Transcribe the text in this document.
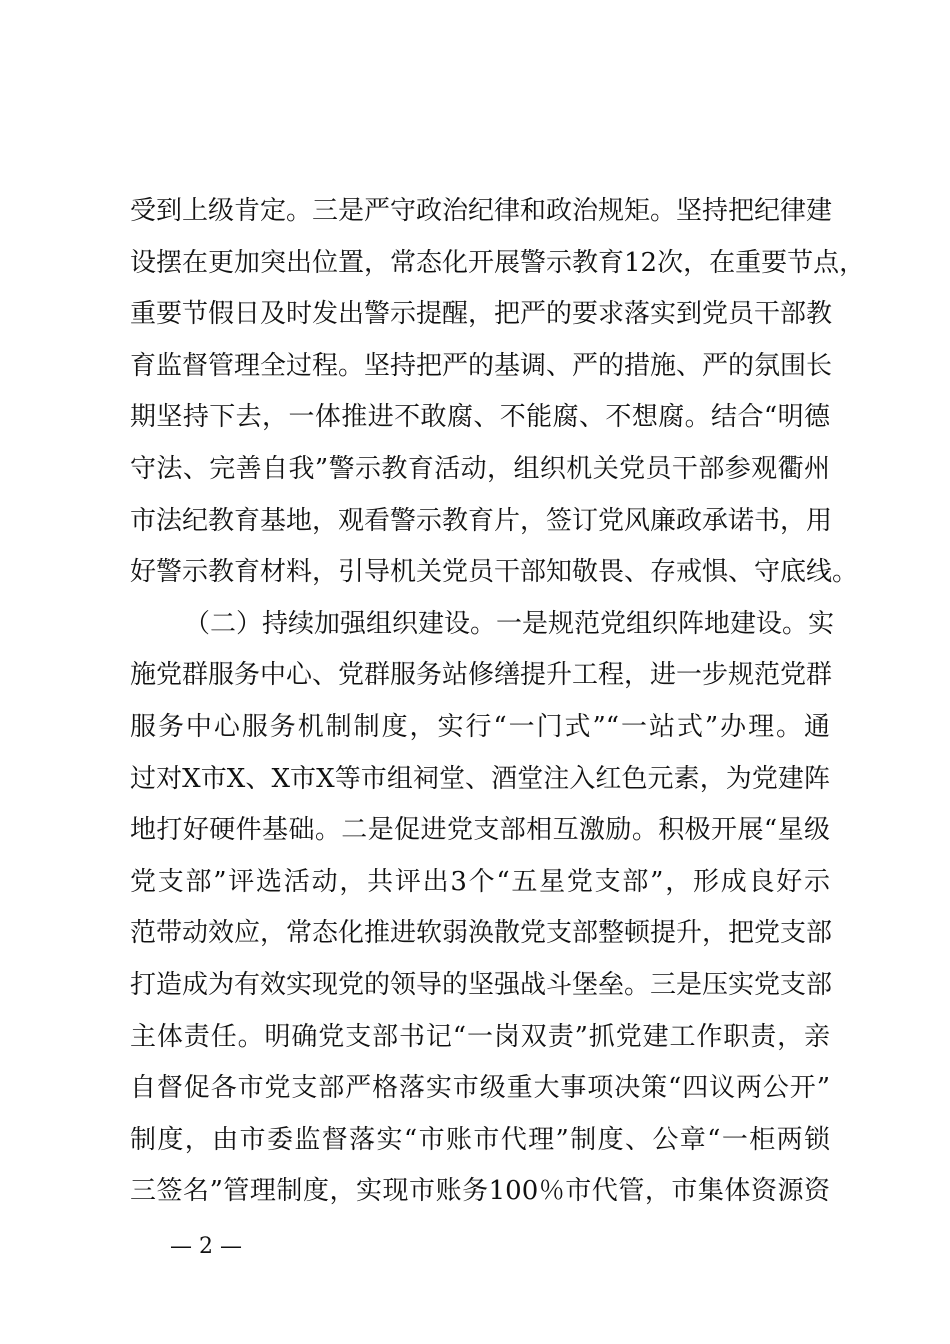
受到上级肯定。三是严守政治纪律和政治规矩。坚持把纪律建
设摆在更加突出位置，常态化开展警示教育12次，在重要节点，
重要节假日及时发出警示提醒，把严的要求落实到党员干部教
育监督管理全过程。坚持把严的基调、严的措施、严的氛围长
期坚持下去，一体推进不敢腐、不能腐、不想腐。结合“明德
守法、完善自我”警示教育活动，组织机关党员干部参观衢州
市法纪教育基地，观看警示教育片，签订党风廉政承诺书，用
好警示教育材料，引导机关党员干部知敬畏、存戒惧、守底线。
（二）持续加强组织建设。一是规范党组织阵地建设。实
施党群服务中心、党群服务站修缮提升工程，进一步规范党群
服务中心服务机制制度，实行“一门式”“一站式”办理。通
过对X市X、X市X等市组祠堂、酒堂注入红色元素，为党建阵
地打好硬件基础。二是促进党支部相互激励。积极开展“星级
党支部”评选活动，共评出3个“五星党支部”，形成良好示
范带动效应，常态化推进软弱涣散党支部整顿提升，把党支部
打造成为有效实现党的领导的坚强战斗堡垒。三是压实党支部
主体责任。明确党支部书记“一岗双责”抓党建工作职责，亲
自督促各市党支部严格落实市级重大事项决策“四议两公开”
制度，由市委监督落实“市账市代理”制度、公章“一柜两锁
三签名”管理制度，实现市账务100％市代管，市集体资源资
— 2 —
